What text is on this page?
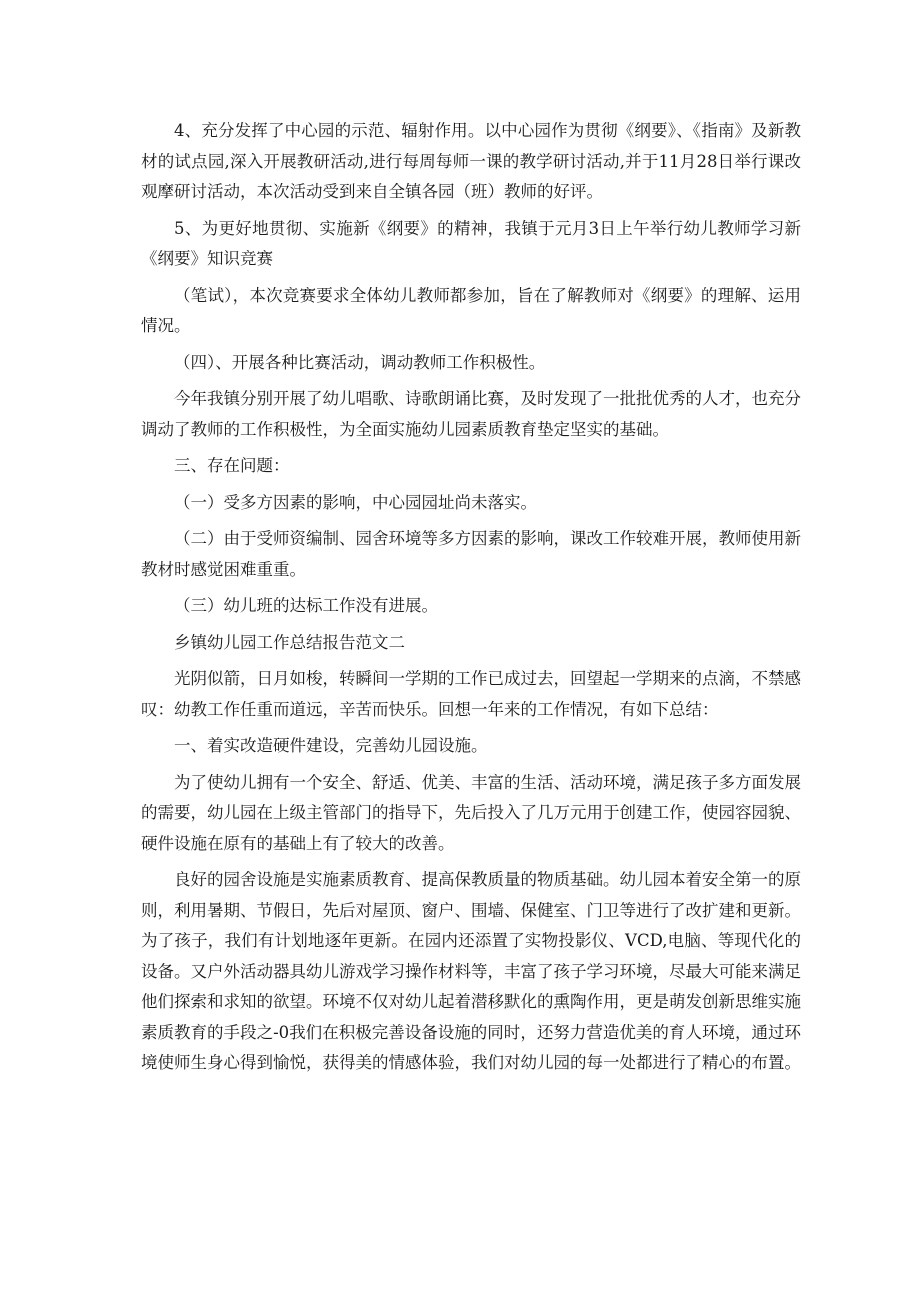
4、充分发挥了中心园的示范、辐射作用。以中心园作为贯彻《纲要》、《指南》及新教材的试点园,深入开展教研活动,进行每周每师一课的教学研讨活动,并于11月28日举行课改观摩研讨活动，本次活动受到来自全镇各园（班）教师的好评。

5、为更好地贯彻、实施新《纲要》的精神，我镇于元月3日上午举行幼儿教师学习新《纲要》知识竞赛

（笔试），本次竞赛要求全体幼儿教师都参加，旨在了解教师对《纲要》的理解、运用情况。

（四）、开展各种比赛活动，调动教师工作积极性。

今年我镇分别开展了幼儿唱歌、诗歌朗诵比赛，及时发现了一批批优秀的人才，也充分调动了教师的工作积极性，为全面实施幼儿园素质教育垫定坚实的基础。

三、存在问题：

（一）受多方因素的影响，中心园园址尚未落实。

（二）由于受师资编制、园舍环境等多方因素的影响，课改工作较难开展，教师使用新教材时感觉困难重重。

（三）幼儿班的达标工作没有进展。

乡镇幼儿园工作总结报告范文二

光阴似箭，日月如梭，转瞬间一学期的工作已成过去，回望起一学期来的点滴，不禁感叹：幼教工作任重而道远，辛苦而快乐。回想一年来的工作情况，有如下总结：

一、着实改造硬件建设，完善幼儿园设施。

为了使幼儿拥有一个安全、舒适、优美、丰富的生活、活动环境，满足孩子多方面发展的需要，幼儿园在上级主管部门的指导下，先后投入了几万元用于创建工作，使园容园貌、硬件设施在原有的基础上有了较大的改善。

良好的园舍设施是实施素质教育、提高保教质量的物质基础。幼儿园本着安全第一的原则，利用暑期、节假日，先后对屋顶、窗户、围墙、保健室、门卫等进行了改扩建和更新。为了孩子，我们有计划地逐年更新。在园内还添置了实物投影仪、VCD,电脑、等现代化的设备。又户外活动器具幼儿游戏学习操作材料等，丰富了孩子学习环境，尽最大可能来满足他们探索和求知的欲望。环境不仅对幼儿起着潜移默化的熏陶作用，更是萌发创新思维实施素质教育的手段之-0我们在积极完善设备设施的同时，还努力营造优美的育人环境，通过环境使师生身心得到愉悦，获得美的情感体验，我们对幼儿园的每一处都进行了精心的布置。
